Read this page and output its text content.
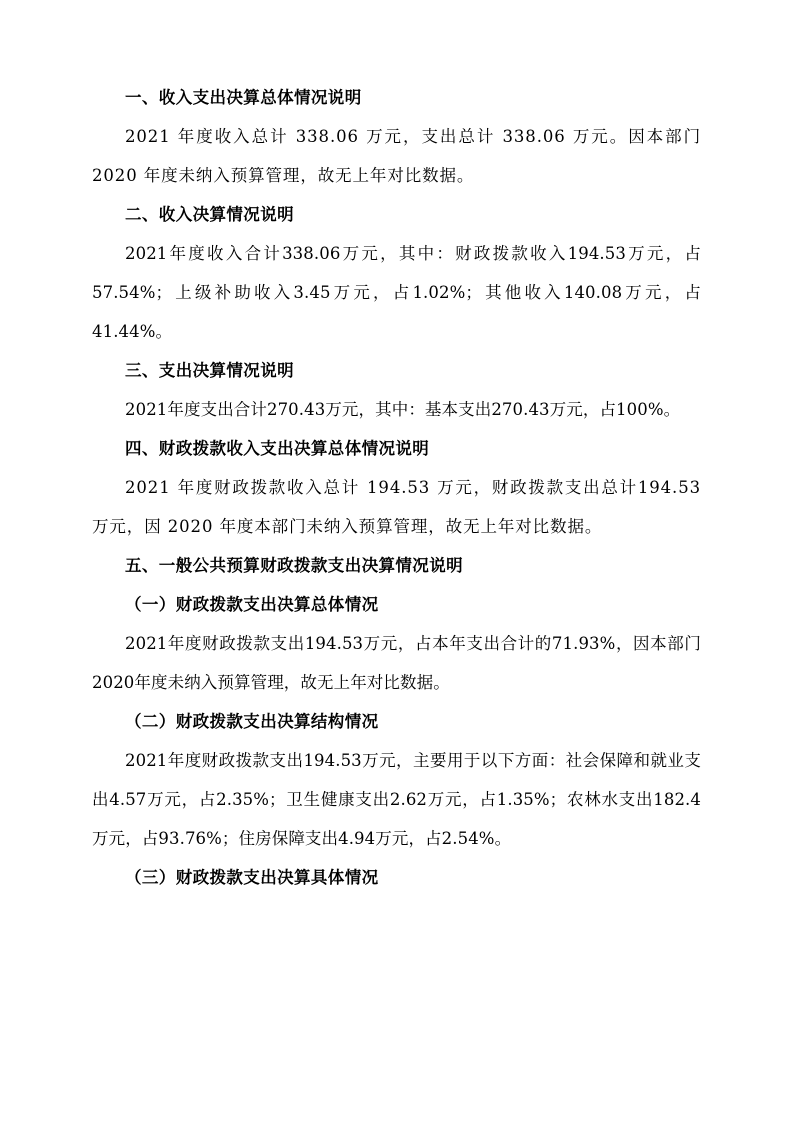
一、收入支出决算总体情况说明

2021 年度收入总计 338.06 万元，支出总计 338.06 万元。因本部门 2020 年度未纳入预算管理，故无上年对比数据。

二、收入决算情况说明

2021年度收入合计338.06万元，其中：财政拨款收入194.53万元，占57.54%；上级补助收入3.45万元，占1.02%；其他收入140.08万元，占41.44%。

三、支出决算情况说明

2021年度支出合计270.43万元，其中：基本支出270.43万元，占100%。

四、财政拨款收入支出决算总体情况说明

2021 年度财政拨款收入总计 194.53 万元，财政拨款支出总计194.53 万元，因 2020 年度本部门未纳入预算管理，故无上年对比数据。

五、一般公共预算财政拨款支出决算情况说明
（一）财政拨款支出决算总体情况

2021年度财政拨款支出194.53万元，占本年支出合计的71.93%，因本部门2020年度未纳入预算管理，故无上年对比数据。

（二）财政拨款支出决算结构情况

2021年度财政拨款支出194.53万元，主要用于以下方面：社会保障和就业支出4.57万元，占2.35%；卫生健康支出2.62万元，占1.35%；农林水支出182.4万元，占93.76%；住房保障支出4.94万元，占2.54%。

（三）财政拨款支出决算具体情况
